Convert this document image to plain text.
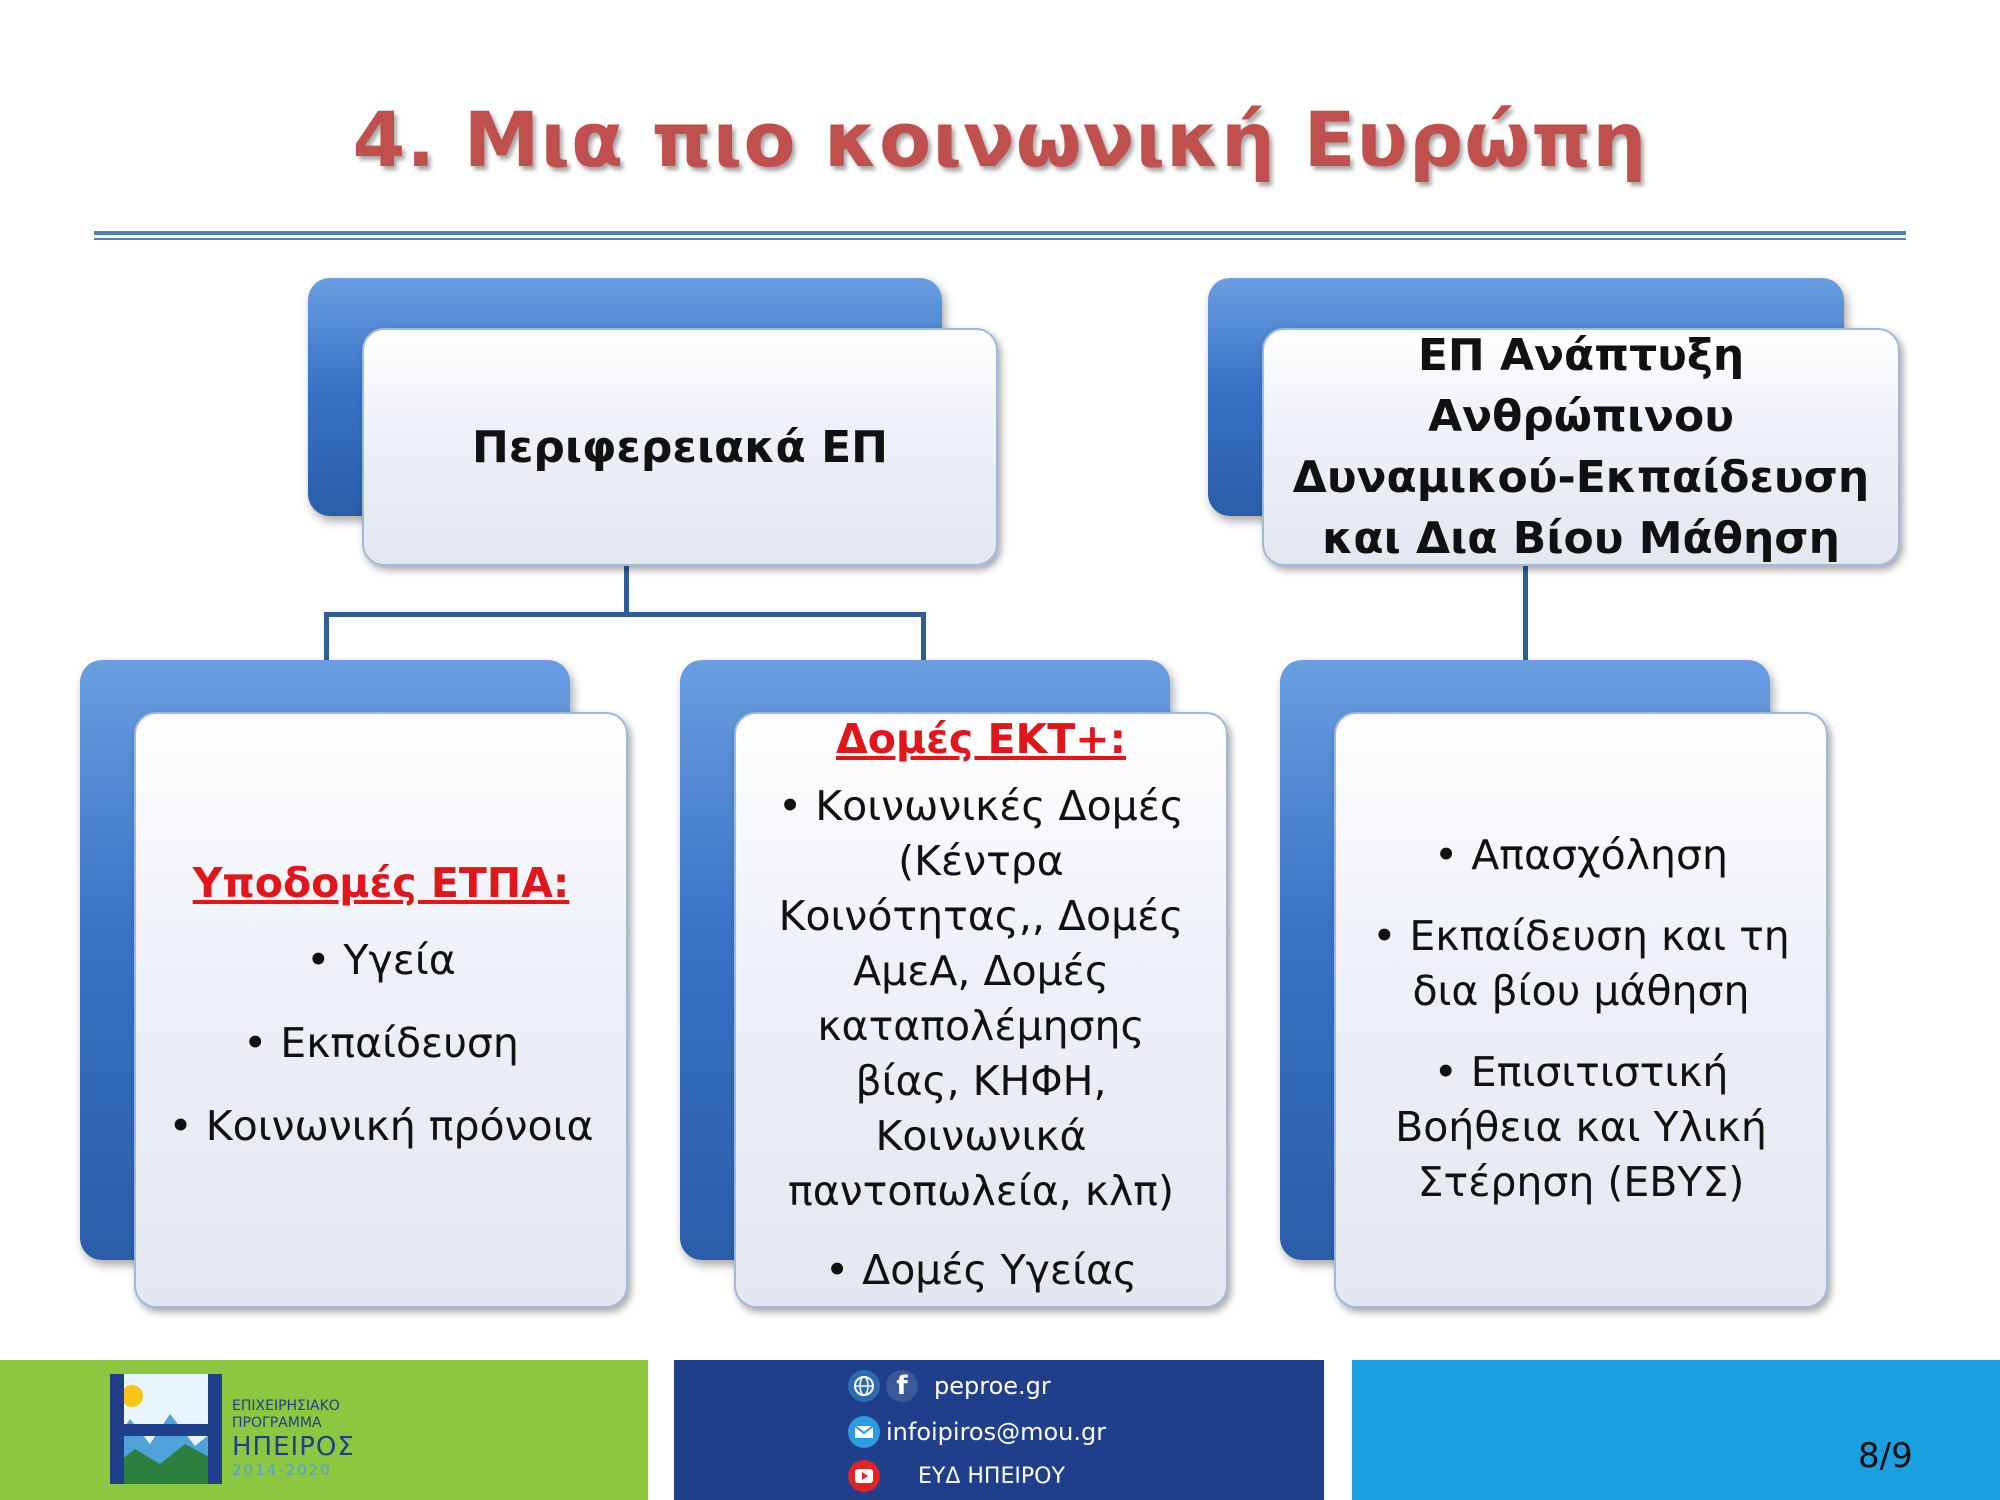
4. Μια πιο κοινωνική Ευρώπη
Περιφερειακά ΕΠ
ΕΠ Ανάπτυξη Ανθρώπινου Δυναμικού-Εκπαίδευση και Δια Βίου Μάθηση
Υποδομές ΕΤΠΑ:
• Υγεία
• Εκπαίδευση
• Κοινωνική πρόνοια
Δομές ΕΚΤ+:
• Κοινωνικές Δομές (Κέντρα Κοινότητας,, Δομές ΑμεΑ, Δομές καταπολέμησης βίας, ΚΗΦΗ, Κοινωνικά παντοπωλεία, κλπ)
• Δομές Υγείας
• Απασχόληση
• Εκπαίδευση και τη δια βίου μάθηση
• Επισιτιστική Βοήθεια και Υλική Στέρηση (ΕΒΥΣ)
ΕΠΙΧΕΙΡΗΣΙΑΚΟ
ΠΡΟΓΡΑΜΜΑ
ΗΠΕΙΡΟΣ
2014-2020
f	peproe.gr
infoipiros@mou.gr
ΕΥΔ ΗΠΕΙΡΟΥ	8/9
